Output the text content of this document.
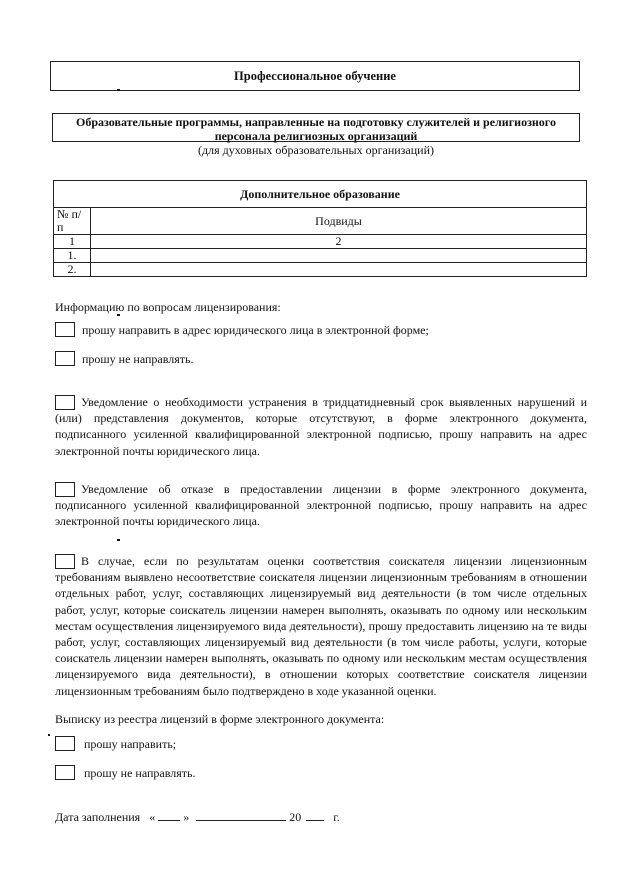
Профессиональное обучение
Образовательные программы, направленные на подготовку служителей и религиозного
персонала религиозных организаций
(для духовных образовательных организаций)
Дополнительное образование	
№ п/п	Подвиды
1	2
1.	
2.	
Информацию по вопросам лицензирования:
прошу направить в адрес юридического лица в электронной форме;
прошу не направлять.
Уведомление о необходимости устранения в тридцатидневный срок выявленных нарушений и (или) представления документов, которые отсутствуют, в форме электронного документа, подписанного усиленной квалифицированной электронной подписью, прошу направить на адрес электронной почты юридического лица.
Уведомление об отказе в предоставлении лицензии в форме электронного документа, подписанного усиленной квалифицированной электронной подписью, прошу направить на адрес электронной почты юридического лица.
В случае, если по результатам оценки соответствия соискателя лицензии лицензионным требованиям выявлено несоответствие соискателя лицензии лицензионным требованиям в отношении отдельных работ, услуг, составляющих лицензируемый вид деятельности (в том числе отдельных работ, услуг, которые соискатель лицензии намерен выполнять, оказывать по одному или нескольким местам осуществления лицензируемого вида деятельности), прошу предоставить лицензию на те виды работ, услуг, составляющих лицензируемый вид деятельности (в том числе работы, услуги, которые соискатель лицензии намерен выполнять, оказывать по одному или нескольким местам осуществления лицензируемого вида деятельности), в отношении которых соответствие соискателя лицензии лицензионным требованиям было подтверждено в ходе указанной оценки.
Выписку из реестра лицензий в форме электронного документа:
прошу направить;
прошу не направлять.
Дата заполнения « »	20	г.
